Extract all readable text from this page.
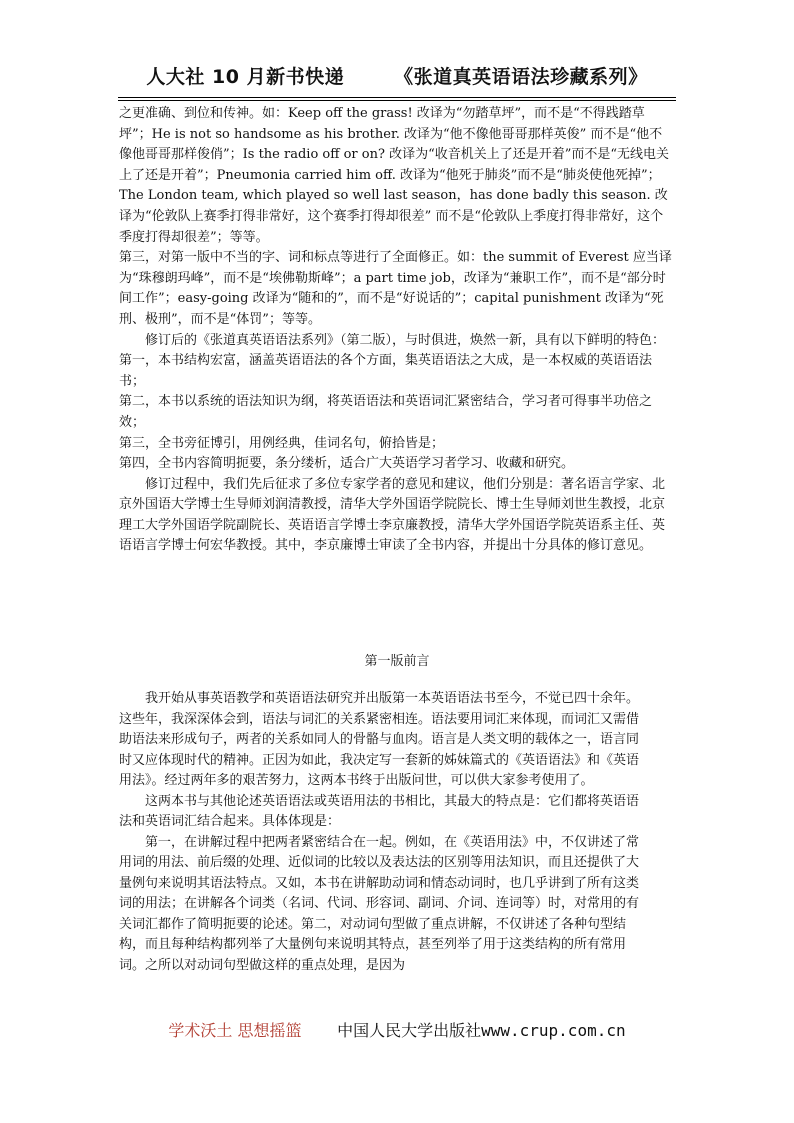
人大社 10 月新书快递	《张道真英语语法珍藏系列》

之更准确、到位和传神。如：Keep off the grass! 改译为“勿踏草坪”，而不是“不得践踏草坪”；He is not so handsome as his brother. 改译为“他不像他哥哥那样英俊” 而不是“他不像他哥哥那样俊俏”；Is the radio off or on? 改译为“收音机关上了还是开着”而不是“无线电关上了还是开着”；Pneumonia carried him off. 改译为“他死于肺炎”而不是“肺炎使他死掉”；The London team, which played so well last season，has done badly this season. 改译为“伦敦队上赛季打得非常好，这个赛季打得却很差” 而不是“伦敦队上季度打得非常好，这个季度打得却很差”；等等。

第三，对第一版中不当的字、词和标点等进行了全面修正。如：the summit of Everest 应当译为“珠穆朗玛峰”，而不是“埃佛勒斯峰”；a part time job，改译为“兼职工作”，而不是“部分时间工作”；easy-going 改译为“随和的”，而不是“好说话的”；capital punishment 改译为“死刑、极刑”，而不是“体罚”；等等。

修订后的《张道真英语语法系列》（第二版），与时俱进，焕然一新，具有以下鲜明的特色：

第一，本书结构宏富，涵盖英语语法的各个方面，集英语语法之大成，是一本权威的英语语法书；

第二，本书以系统的语法知识为纲，将英语语法和英语词汇紧密结合，学习者可得事半功倍之效；

第三，全书旁征博引，用例经典，佳词名句，俯拾皆是；

第四，全书内容简明扼要，条分缕析，适合广大英语学习者学习、收藏和研究。

修订过程中，我们先后征求了多位专家学者的意见和建议，他们分别是：著名语言学家、北京外国语大学博士生导师刘润清教授，清华大学外国语学院院长、博士生导师刘世生教授，北京理工大学外国语学院副院长、英语语言学博士李京廉教授，清华大学外国语学院英语系主任、英语语言学博士何宏华教授。其中，李京廉博士审读了全书内容，并提出十分具体的修订意见。

第一版前言

我开始从事英语教学和英语语法研究并出版第一本英语语法书至今，不觉已四十余年。这些年，我深深体会到，语法与词汇的关系紧密相连。语法要用词汇来体现，而词汇又需借助语法来形成句子，两者的关系如同人的骨骼与血肉。语言是人类文明的载体之一，语言同时又应体现时代的精神。正因为如此，我决定写一套新的姊妹篇式的《英语语法》和《英语用法》。经过两年多的艰苦努力，这两本书终于出版问世，可以供大家参考使用了。

这两本书与其他论述英语语法或英语用法的书相比，其最大的特点是：它们都将英语语法和英语词汇结合起来。具体体现是：

第一，在讲解过程中把两者紧密结合在一起。例如，在《英语用法》中，不仅讲述了常用词的用法、前后缀的处理、近似词的比较以及表达法的区别等用法知识，而且还提供了大量例句来说明其语法特点。又如，本书在讲解助动词和情态动词时，也几乎讲到了所有这类词的用法；在讲解各个词类（名词、代词、形容词、副词、介词、连词等）时，对常用的有关词汇都作了简明扼要的论述。第二，对动词句型做了重点讲解，不仅讲述了各种句型结构，而且每种结构都列举了大量例句来说明其特点，甚至列举了用于这类结构的所有常用词。之所以对动词句型做这样的重点处理，是因为

学术沃土 思想摇篮 中国人民大学出版社www.crup.com.cn
